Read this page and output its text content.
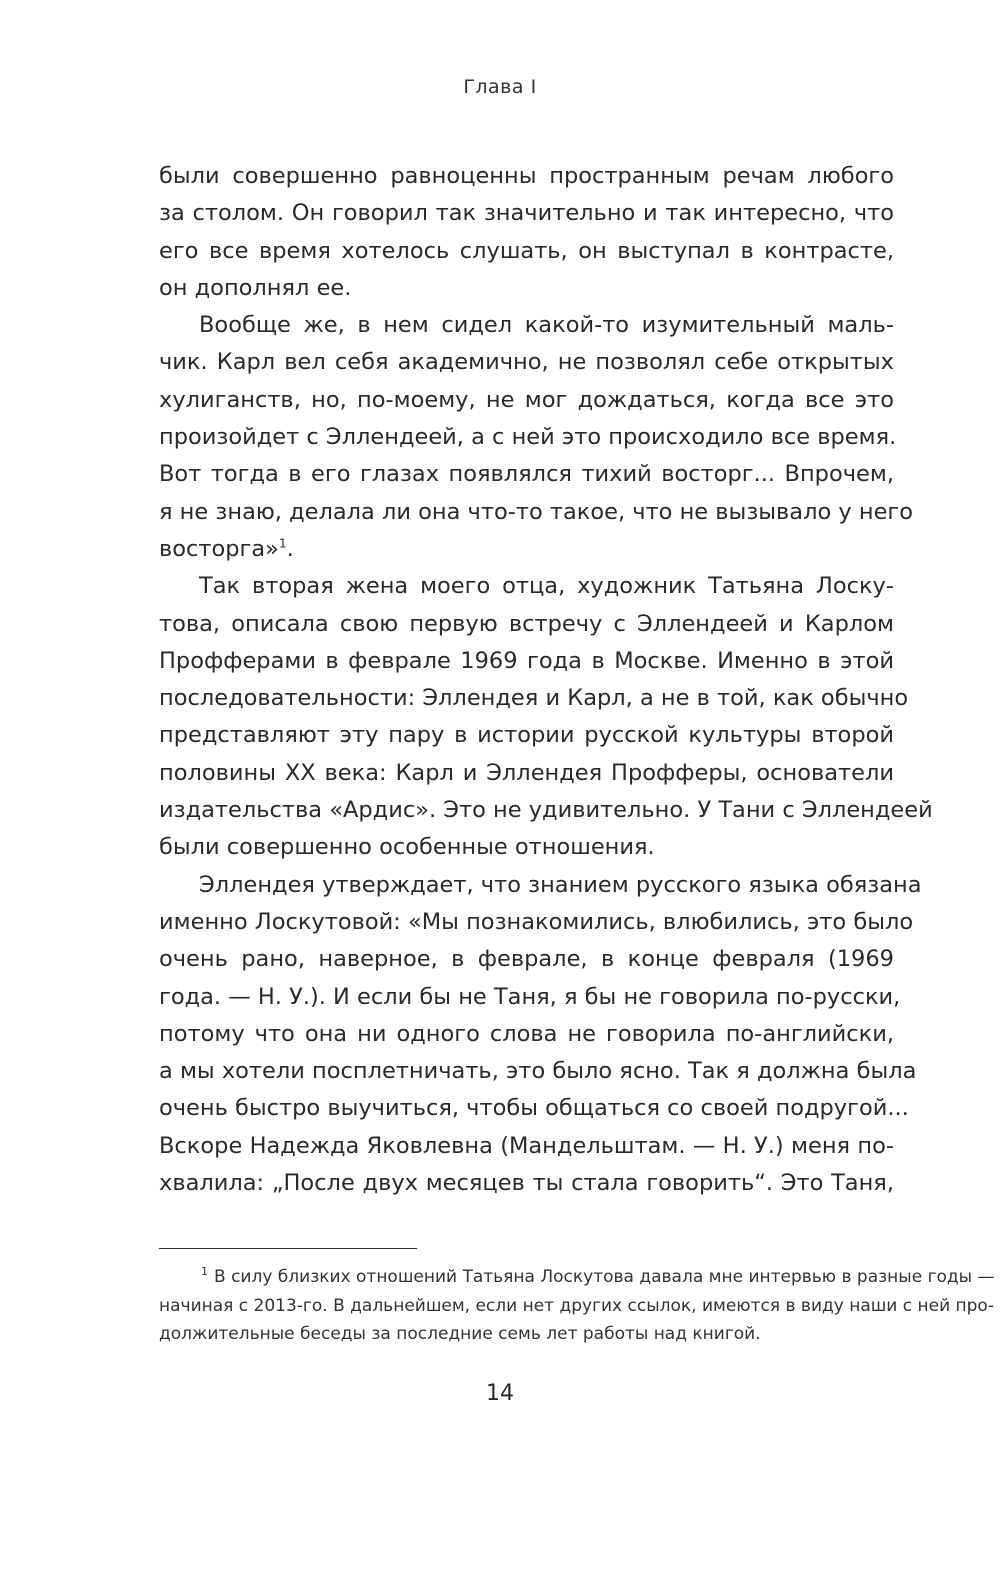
Глава I

были совершенно равноценны пространным речам любого
за столом. Он говорил так значительно и так интересно, что
его все время хотелось слушать, он выступал в контрасте,
он дополнял ее.

Вообще же, в нем сидел какой-то изумительный маль-
чик. Карл вел себя академично, не позволял себе открытых
хулиганств, но, по-моему, не мог дождаться, когда все это
произойдет с Эллендеей, а с ней это происходило все время.
Вот тогда в его глазах появлялся тихий восторг... Впрочем,
я не знаю, делала ли она что-то такое, что не вызывало у него
восторга»$^1$.

Так вторая жена моего отца, художник Татьяна Лоску-
това, описала свою первую встречу с Эллендеей и Карлом
Профферами в феврале 1969 года в Москве. Именно в этой
последовательности: Эллендея и Карл, а не в той, как обычно
представляют эту пару в истории русской культуры второй
половины XX века: Карл и Эллендея Профферы, основатели
издательства «Ардис». Это не удивительно. У Тани с Эллендеей
были совершенно особенные отношения.

Эллендея утверждает, что знанием русского языка обязана
именно Лоскутовой: «Мы познакомились, влюбились, это было
очень рано, наверное, в феврале, в конце февраля (1969
года. — Н. У.). И если бы не Таня, я бы не говорила по-русски,
потому что она ни одного слова не говорила по-английски,
а мы хотели посплетничать, это было ясно. Так я должна была
очень быстро выучиться, чтобы общаться со своей подругой...
Вскоре Надежда Яковлевна (Мандельштам. — Н. У.) меня по-
хвалила: „После двух месяцев ты стала говорить“. Это Таня,

$^1$ В силу близких отношений Татьяна Лоскутова давала мне интервью в разные годы —
начиная с 2013-го. В дальнейшем, если нет других ссылок, имеются в виду наши с ней про-
должительные беседы за последние семь лет работы над книгой.
14
